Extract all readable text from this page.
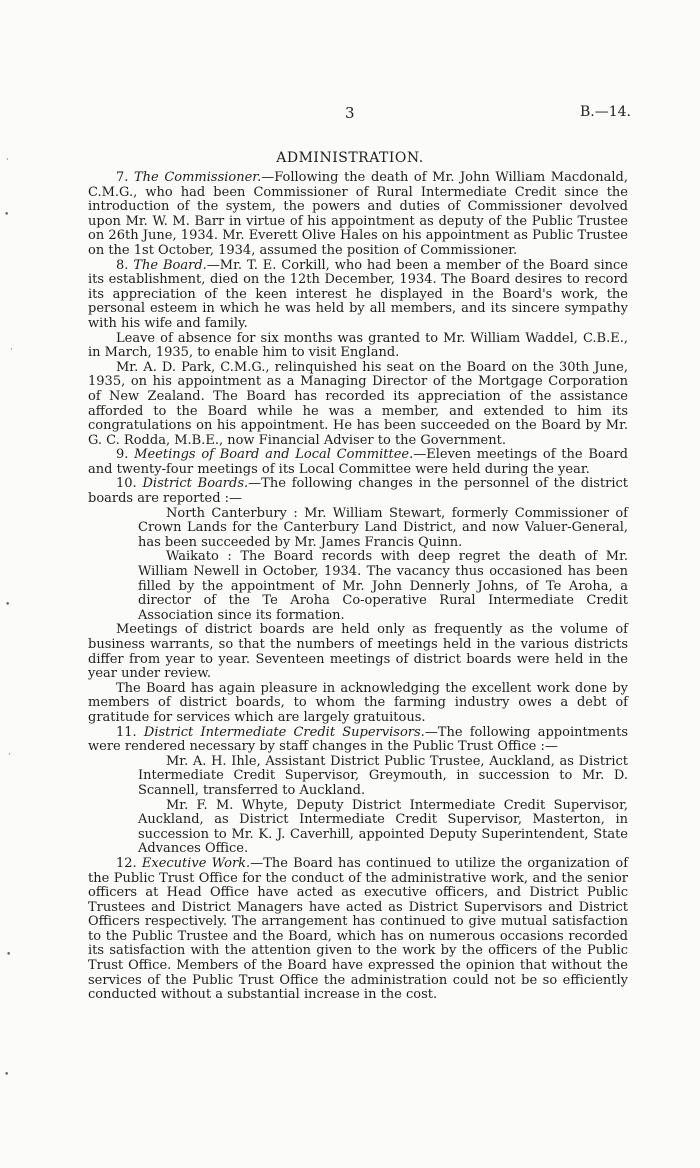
3	B.—14.
ADMINISTRATION.

7. The Commissioner.—Following the death of Mr. John William Macdonald, C.M.G., who had been Commissioner of Rural Intermediate Credit since the introduction of the system, the powers and duties of Commissioner devolved upon Mr. W. M. Barr in virtue of his appointment as deputy of the Public Trustee on 26th June, 1934. Mr. Everett Olive Hales on his appointment as Public Trustee on the 1st October, 1934, assumed the position of Commissioner.

8. The Board.—Mr. T. E. Corkill, who had been a member of the Board since its establishment, died on the 12th December, 1934. The Board desires to record its appreciation of the keen interest he displayed in the Board's work, the personal esteem in which he was held by all members, and its sincere sympathy with his wife and family.

Leave of absence for six months was granted to Mr. William Waddel, C.B.E., in March, 1935, to enable him to visit England.

Mr. A. D. Park, C.M.G., relinquished his seat on the Board on the 30th June, 1935, on his appointment as a Managing Director of the Mortgage Corporation of New Zealand. The Board has recorded its appreciation of the assistance afforded to the Board while he was a member, and extended to him its congratulations on his appointment. He has been succeeded on the Board by Mr. G. C. Rodda, M.B.E., now Financial Adviser to the Government.

9. Meetings of Board and Local Committee.—Eleven meetings of the Board and twenty-four meetings of its Local Committee were held during the year.

10. District Boards.—The following changes in the personnel of the district boards are reported :—

North Canterbury : Mr. William Stewart, formerly Commissioner of Crown Lands for the Canterbury Land District, and now Valuer-General, has been succeeded by Mr. James Francis Quinn.

Waikato : The Board records with deep regret the death of Mr. William Newell in October, 1934. The vacancy thus occasioned has been filled by the appointment of Mr. John Dennerly Johns, of Te Aroha, a director of the Te Aroha Co-operative Rural Intermediate Credit Association since its formation.

Meetings of district boards are held only as frequently as the volume of business warrants, so that the numbers of meetings held in the various districts differ from year to year. Seventeen meetings of district boards were held in the year under review.

The Board has again pleasure in acknowledging the excellent work done by members of district boards, to whom the farming industry owes a debt of gratitude for services which are largely gratuitous.

11. District Intermediate Credit Supervisors.—The following appointments were rendered necessary by staff changes in the Public Trust Office :—

Mr. A. H. Ihle, Assistant District Public Trustee, Auckland, as District Intermediate Credit Supervisor, Greymouth, in succession to Mr. D. Scannell, transferred to Auckland.

Mr. F. M. Whyte, Deputy District Intermediate Credit Supervisor, Auckland, as District Intermediate Credit Supervisor, Masterton, in succession to Mr. K. J. Caverhill, appointed Deputy Superintendent, State Advances Office.

12. Executive Work.—The Board has continued to utilize the organization of the Public Trust Office for the conduct of the administrative work, and the senior officers at Head Office have acted as executive officers, and District Public Trustees and District Managers have acted as District Supervisors and District Officers respectively. The arrangement has continued to give mutual satisfaction to the Public Trustee and the Board, which has on numerous occasions recorded its satisfaction with the attention given to the work by the officers of the Public Trust Office. Members of the Board have expressed the opinion that without the services of the Public Trust Office the administration could not be so efficiently conducted without a substantial increase in the cost.

·
•
·
•
·
•
•
